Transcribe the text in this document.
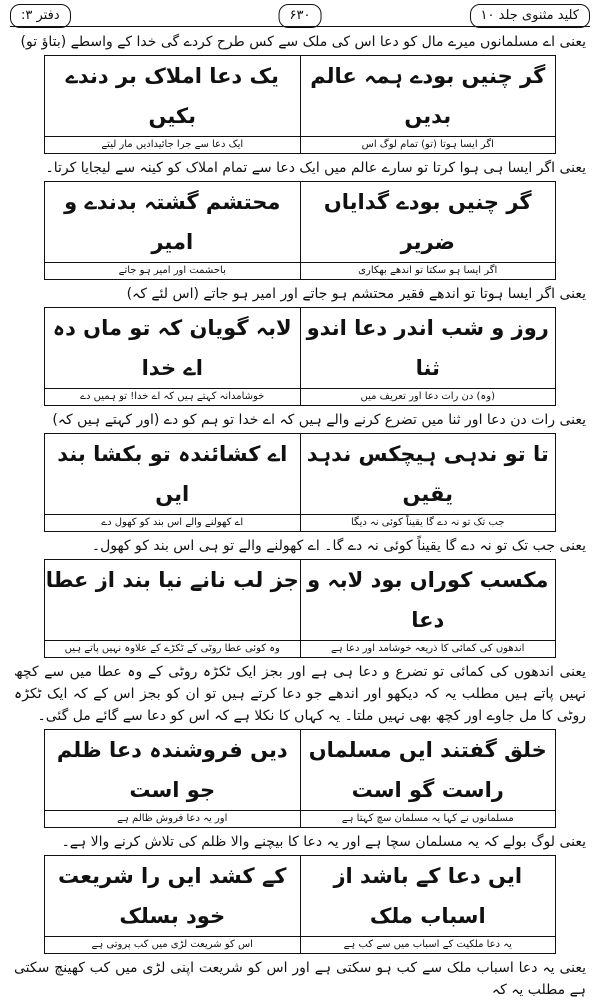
کلید مثنوی جلد ۱۰
۶۳۰
دفتر ۳:

یعنی اے مسلمانوں میرے مال کو دعا اس کی ملک سے کس طرح کردے گی خدا کے واسطے (بتاؤ تو)

گر چنیں بودے ہمہ عالم بدیں
یک دعا املاک بر دندے بکیں
اگر ایسا ہوتا (تو) تمام لوگ اس
ایک دعا سے جرا جائیدادیں مار لیتے

یعنی اگر ایسا ہی ہوا کرتا تو سارے عالم میں ایک دعا سے تمام املاک کو کینہ سے لیجایا کرتا۔

گر چنیں بودے گدایاں ضریر
محتشم گشتہ بدندے و امیر
اگر ایسا ہو سکتا تو اندھے بھکاری
باحشمت اور امیر ہو جاتے

یعنی اگر ایسا ہوتا تو اندھے فقیر محتشم ہو جاتے اور امیر ہو جاتے (اس لئے کہ)

روز و شب اندر دعا اندو ثنا
لابہ گویان کہ تو ماں دہ اے خدا
(وہ) دن رات دعا اور تعریف میں
خوشامدانہ کہتے ہیں کہ اے خدا! تو ہمیں دے

یعنی رات دن دعا اور ثنا میں تضرع کرنے والے ہیں کہ اے خدا تو ہم کو دے (اور کہتے ہیں کہ)

تا تو ندہی ہیچکس ندہد یقیں
اے کشائندہ تو بکشا بند ایں
جب تک تو نہ دے گا یقیناً کوئی نہ دیگا
اے کھولنے والے اس بند کو کھول دے

یعنی جب تک تو نہ دے گا یقیناً کوئی نہ دے گا۔ اے کھولنے والے تو ہی اس بند کو کھول۔

مکسب کوراں بود لابہ و دعا
جز لب نانے نیا بند از عطا
اندھوں کی کمائی کا ذریعہ خوشامد اور دعا ہے
وہ کوئی عطا روٹی کے ٹکڑے کے علاوہ نہیں پاتے ہیں

یعنی اندھوں کی کمائی تو تضرع و دعا ہی ہے اور بجز ایک ٹکڑہ روٹی کے وہ عطا میں سے کچھ نہیں پاتے ہیں مطلب یہ کہ دیکھو اور اندھے جو دعا کرتے ہیں تو ان کو بجز اس کے کہ ایک ٹکڑہ روٹی کا مل جاوے اور کچھ بھی نہیں ملتا۔ یہ کہاں کا نکلا ہے کہ اس کو دعا سے گائے مل گئی۔

خلق گفتند ایں مسلماں راست گو است
دیں فروشندہ دعا ظلم جو است
مسلمانوں نے کہا یہ مسلمان سچ کہتا ہے
اور یہ دعا فروش ظالم ہے

یعنی لوگ بولے کہ یہ مسلمان سچا ہے اور یہ دعا کا بیچنے والا ظلم کی تلاش کرنے والا ہے۔

ایں دعا کے باشد از اسباب ملک
کے کشد ایں را شریعت خود بسلک
یہ دعا ملکیت کے اسباب میں سے کب ہے
اس کو شریعت لڑی میں کب پروتی ہے

یعنی یہ دعا اسباب ملک سے کب ہو سکتی ہے اور اس کو شریعت اپنی لڑی میں کب کھینچ سکتی ہے مطلب یہ کہ
